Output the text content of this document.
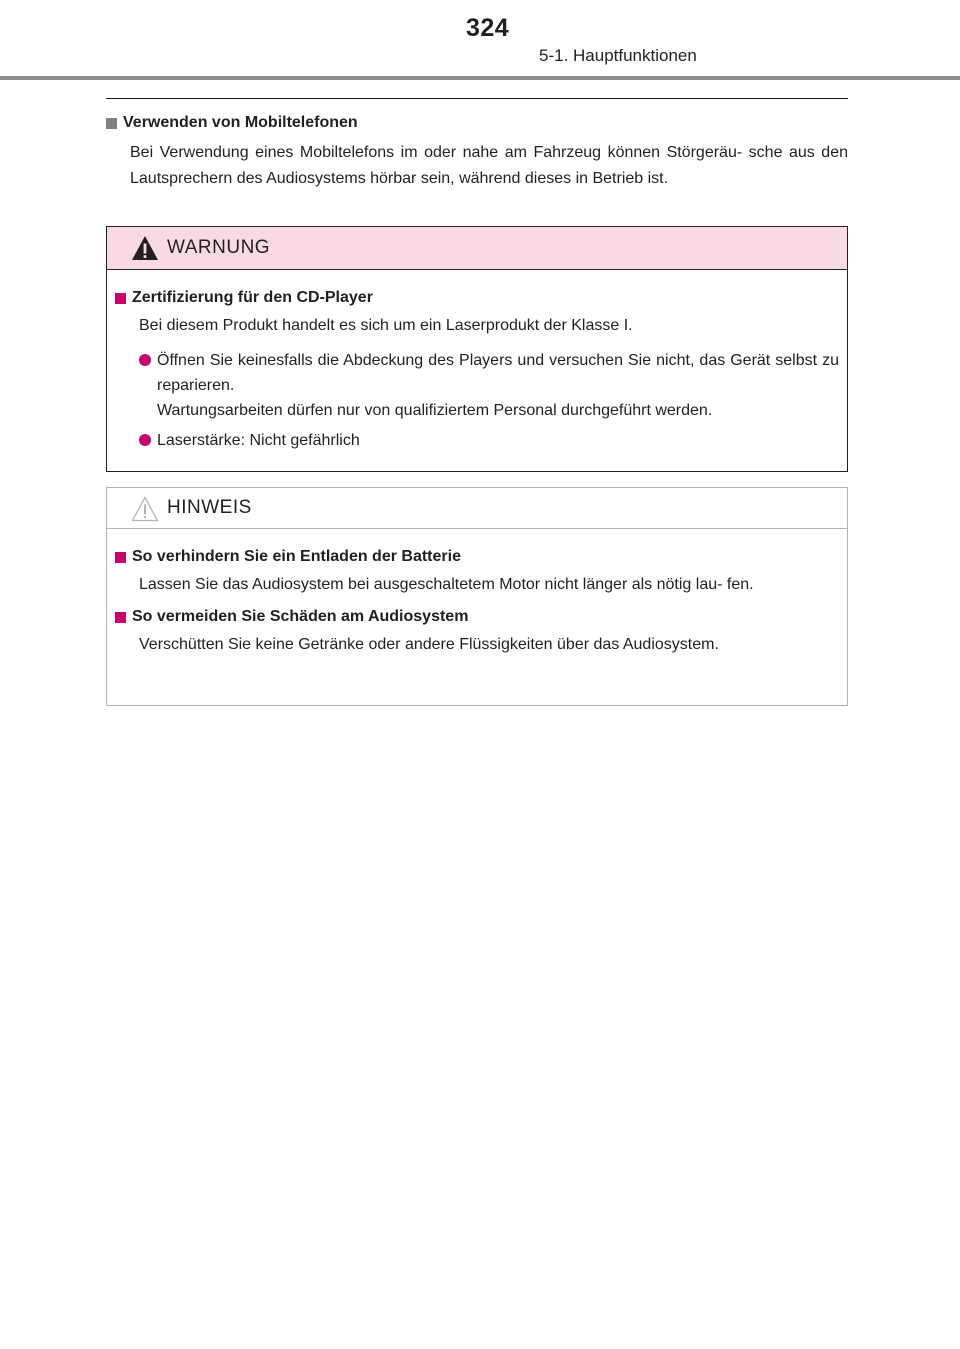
324
5-1. Hauptfunktionen
Verwenden von Mobiltelefonen
Bei Verwendung eines Mobiltelefons im oder nahe am Fahrzeug können Störgeräu- sche aus den Lautsprechern des Audiosystems hörbar sein, während dieses in Betrieb ist.
WARNUNG
Zertifizierung für den CD-Player
Bei diesem Produkt handelt es sich um ein Laserprodukt der Klasse I.
Öffnen Sie keinesfalls die Abdeckung des Players und versuchen Sie nicht, das Gerät selbst zu reparieren.
Wartungsarbeiten dürfen nur von qualifiziertem Personal durchgeführt werden.
Laserstärke: Nicht gefährlich
HINWEIS
So verhindern Sie ein Entladen der Batterie
Lassen Sie das Audiosystem bei ausgeschaltetem Motor nicht länger als nötig lau- fen.
So vermeiden Sie Schäden am Audiosystem
Verschütten Sie keine Getränke oder andere Flüssigkeiten über das Audiosystem.
